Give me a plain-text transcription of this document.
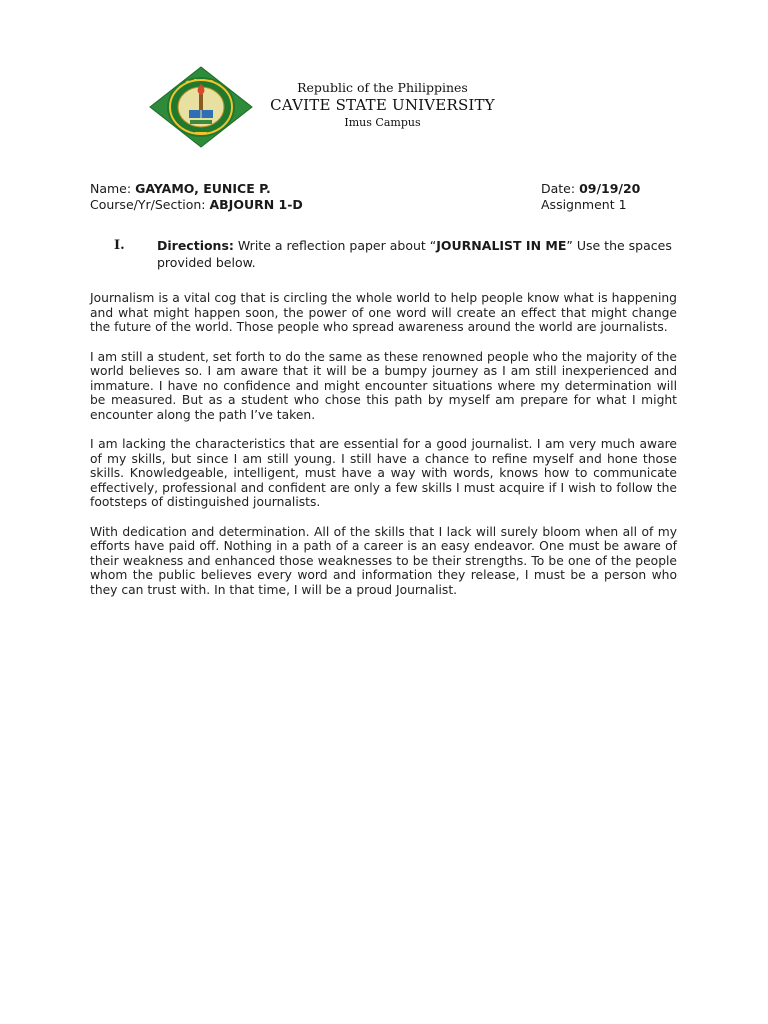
Republic of the Philippines
CAVITE STATE UNIVERSITY
Imus Campus
Name: GAYAMO, EUNICE P.
Course/Yr/Section: ABJOURN 1-D
Date: 09/19/20
Assignment 1
I.	Directions: Write a reflection paper about “JOURNALIST IN ME” Use the spaces provided below.

Journalism is a vital cog that is circling the whole world to help people know what is happening and what might happen soon, the power of one word will create an effect that might change the future of the world. Those people who spread awareness around the world are journalists.

I am still a student, set forth to do the same as these renowned people who the majority of the world believes so. I am aware that it will be a bumpy journey as I am still inexperienced and immature. I have no confidence and might encounter situations where my determination will be measured. But as a student who chose this path by myself am prepare for what I might encounter along the path I’ve taken.

I am lacking the characteristics that are essential for a good journalist. I am very much aware of my skills, but since I am still young. I still have a chance to refine myself and hone those skills. Knowledgeable, intelligent, must have a way with words, knows how to communicate effectively, professional and confident are only a few skills I must acquire if I wish to follow the footsteps of distinguished journalists.

With dedication and determination. All of the skills that I lack will surely bloom when all of my efforts have paid off. Nothing in a path of a career is an easy endeavor. One must be aware of their weakness and enhanced those weaknesses to be their strengths. To be one of the people whom the public believes every word and information they release, I must be a person who they can trust with. In that time, I will be a proud Journalist.
